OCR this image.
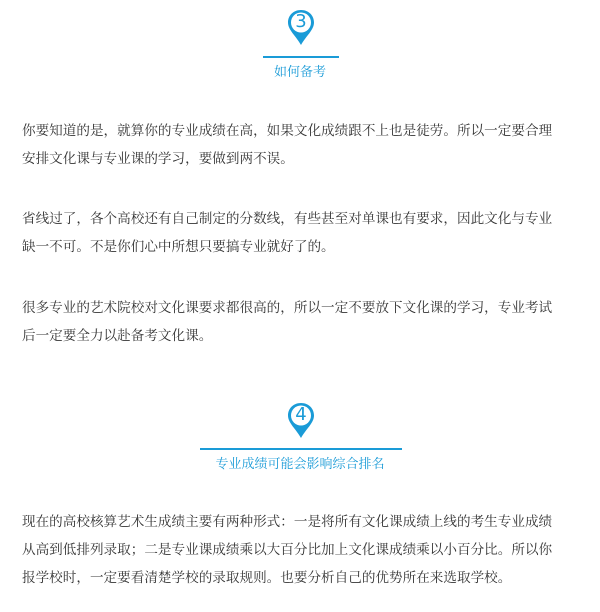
3
如何备考

你要知道的是，就算你的专业成绩在高，如果文化成绩跟不上也是徒劳。所以一定要合理
安排文化课与专业课的学习，要做到两不误。

省线过了，各个高校还有自己制定的分数线，有些甚至对单课也有要求，因此文化与专业
缺一不可。不是你们心中所想只要搞专业就好了的。

很多专业的艺术院校对文化课要求都很高的，所以一定不要放下文化课的学习，专业考试
后一定要全力以赴备考文化课。

4
专业成绩可能会影响综合排名

现在的高校核算艺术生成绩主要有两种形式：一是将所有文化课成绩上线的考生专业成绩
从高到低排列录取；二是专业课成绩乘以大百分比加上文化课成绩乘以小百分比。所以你
报学校时，一定要看清楚学校的录取规则。也要分析自己的优势所在来选取学校。
